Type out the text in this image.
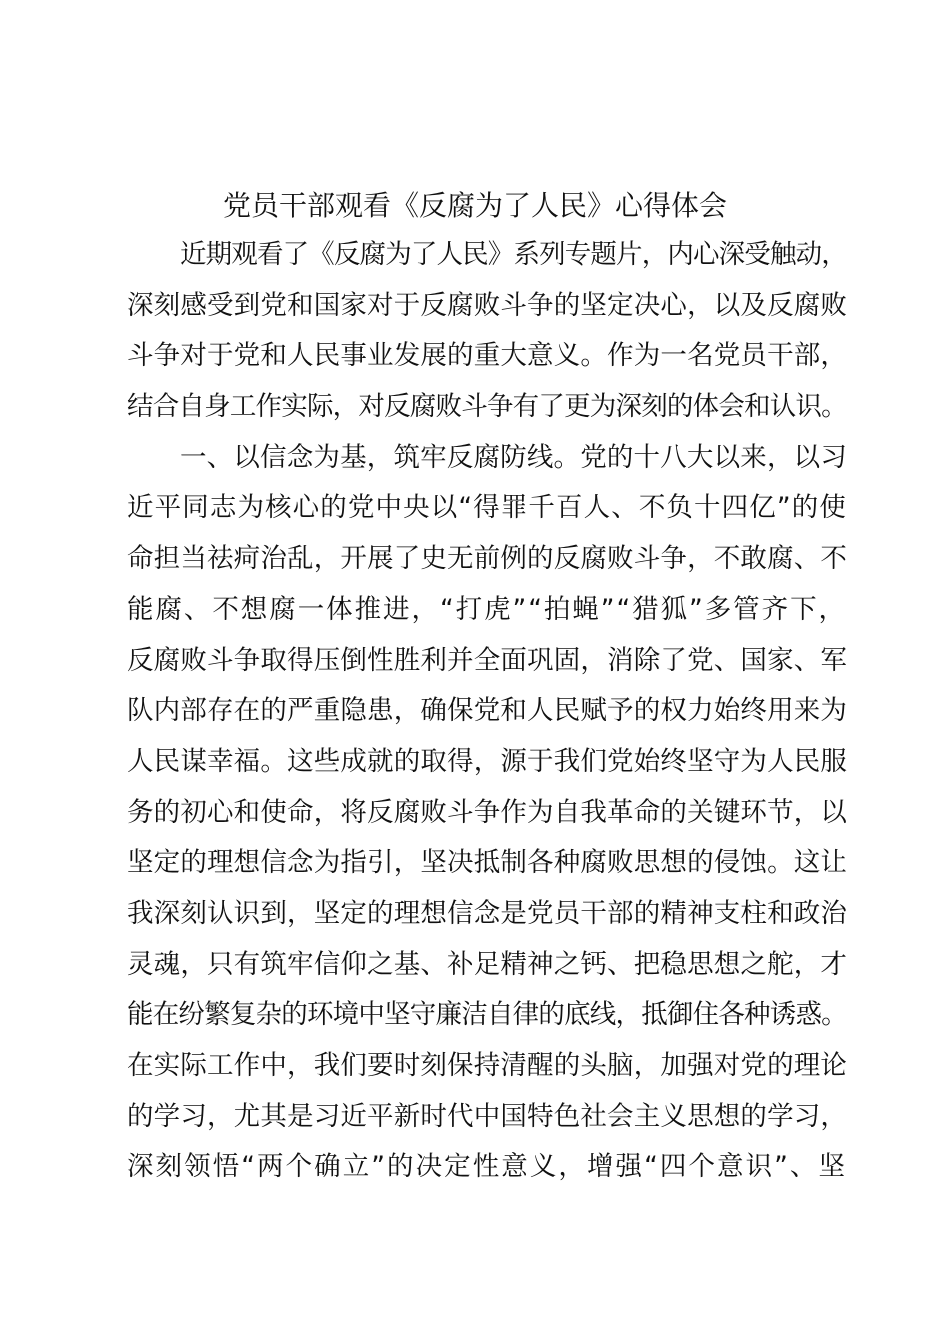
党员干部观看《反腐为了人民》心得体会
近期观看了《反腐为了人民》系列专题片，内心深受触动，
深刻感受到党和国家对于反腐败斗争的坚定决心，以及反腐败
斗争对于党和人民事业发展的重大意义。作为一名党员干部，
结合自身工作实际，对反腐败斗争有了更为深刻的体会和认识。
一、以信念为基，筑牢反腐防线。党的十八大以来，以习
近平同志为核心的党中央以“得罪千百人、不负十四亿”的使
命担当祛疴治乱，开展了史无前例的反腐败斗争，不敢腐、不
能腐、不想腐一体推进，“打虎”“拍蝇”“猎狐”多管齐下，
反腐败斗争取得压倒性胜利并全面巩固，消除了党、国家、军
队内部存在的严重隐患，确保党和人民赋予的权力始终用来为
人民谋幸福。这些成就的取得，源于我们党始终坚守为人民服
务的初心和使命，将反腐败斗争作为自我革命的关键环节，以
坚定的理想信念为指引，坚决抵制各种腐败思想的侵蚀。这让
我深刻认识到，坚定的理想信念是党员干部的精神支柱和政治
灵魂，只有筑牢信仰之基、补足精神之钙、把稳思想之舵，才
能在纷繁复杂的环境中坚守廉洁自律的底线，抵御住各种诱惑。
在实际工作中，我们要时刻保持清醒的头脑，加强对党的理论
的学习，尤其是习近平新时代中国特色社会主义思想的学习，
深刻领悟“两个确立”的决定性意义，增强“四个意识”、坚
